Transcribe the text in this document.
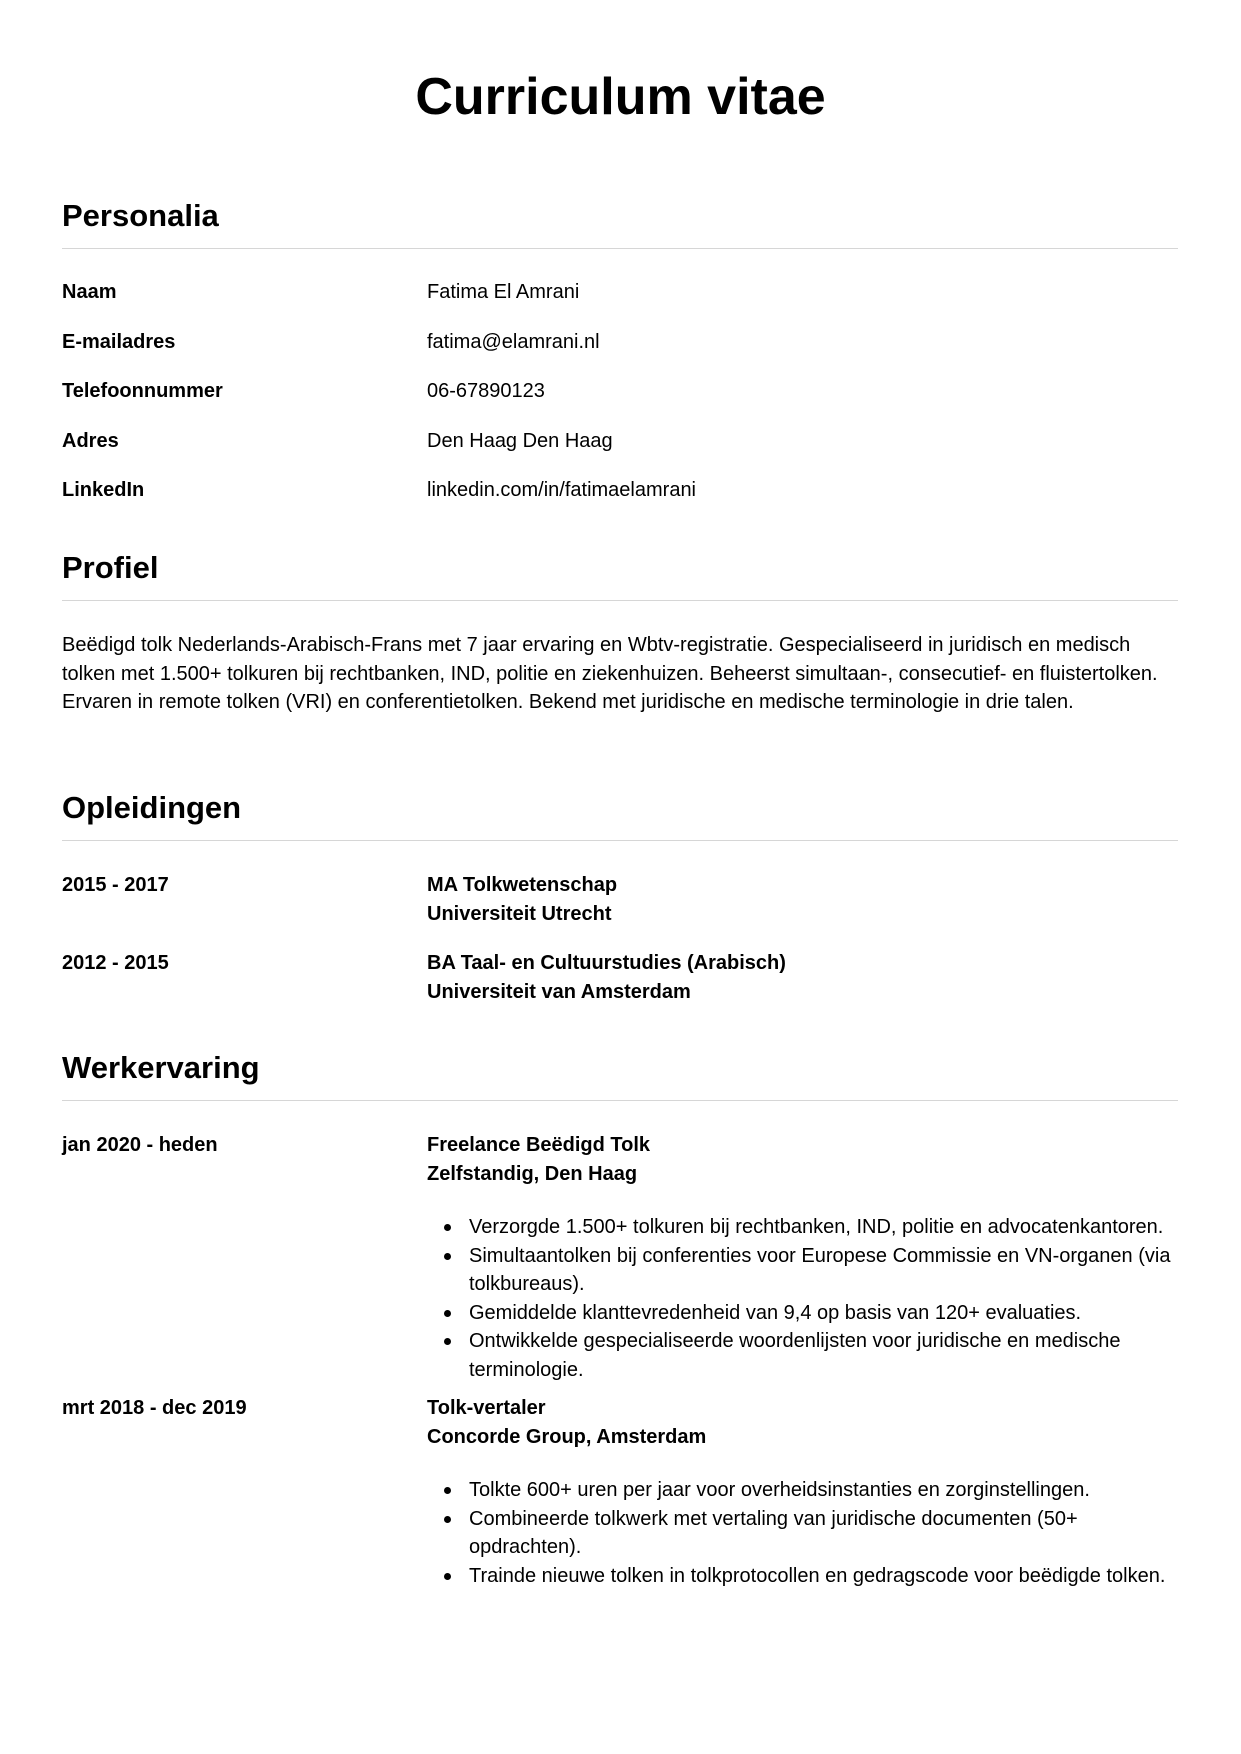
Curriculum vitae
Personalia
Naam	Fatima El Amrani
E-mailadres	fatima@elamrani.nl
Telefoonnummer	06-67890123
Adres	Den Haag Den Haag
LinkedIn	linkedin.com/in/fatimaelamrani
Profiel

Beëdigd tolk Nederlands-Arabisch-Frans met 7 jaar ervaring en Wbtv-registratie. Gespecialiseerd in juridisch en medisch tolken met 1.500+ tolkuren bij rechtbanken, IND, politie en ziekenhuizen. Beheerst simultaan-, consecutief- en fluistertolken. Ervaren in remote tolken (VRI) en conferentietolken. Bekend met juridische en medische terminologie in drie talen.

Opleidingen
2015 - 2017	MA Tolkwetenschap
Universiteit Utrecht
2012 - 2015	BA Taal- en Cultuurstudies (Arabisch)
Universiteit van Amsterdam
Werkervaring
jan 2020 - heden	Freelance Beëdigd Tolk
Zelfstandig, Den Haag
Verzorgde 1.500+ tolkuren bij rechtbanken, IND, politie en advocatenkantoren.
Simultaantolken bij conferenties voor Europese Commissie en VN-organen (via tolkbureaus).
Gemiddelde klanttevredenheid van 9,4 op basis van 120+ evaluaties.
Ontwikkelde gespecialiseerde woordenlijsten voor juridische en medische terminologie.
mrt 2018 - dec 2019	Tolk-vertaler
Concorde Group, Amsterdam
Tolkte 600+ uren per jaar voor overheidsinstanties en zorginstellingen.
Combineerde tolkwerk met vertaling van juridische documenten (50+ opdrachten).
Trainde nieuwe tolken in tolkprotocollen en gedragscode voor beëdigde tolken.
